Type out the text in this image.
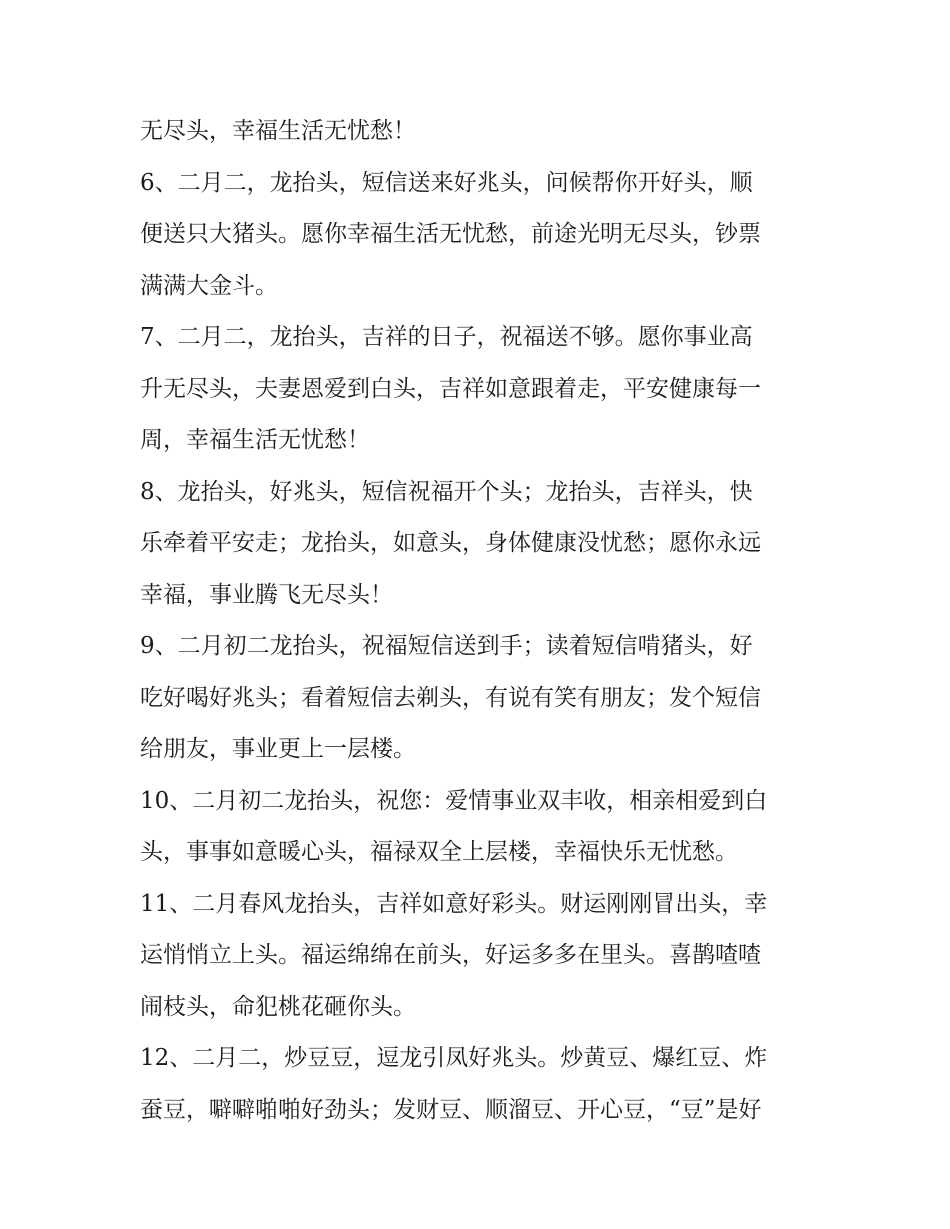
无尽头，幸福生活无忧愁！
6、二月二，龙抬头，短信送来好兆头，问候帮你开好头，顺
便送只大猪头。愿你幸福生活无忧愁，前途光明无尽头，钞票
满满大金斗。
7、二月二，龙抬头，吉祥的日子，祝福送不够。愿你事业高
升无尽头，夫妻恩爱到白头，吉祥如意跟着走，平安健康每一
周，幸福生活无忧愁！
8、龙抬头，好兆头，短信祝福开个头；龙抬头，吉祥头，快
乐牵着平安走；龙抬头，如意头，身体健康没忧愁；愿你永远
幸福，事业腾飞无尽头！
9、二月初二龙抬头，祝福短信送到手；读着短信啃猪头，好
吃好喝好兆头；看着短信去剃头，有说有笑有朋友；发个短信
给朋友，事业更上一层楼。
10、二月初二龙抬头，祝您：爱情事业双丰收，相亲相爱到白
头，事事如意暖心头，福禄双全上层楼，幸福快乐无忧愁。
11、二月春风龙抬头，吉祥如意好彩头。财运刚刚冒出头，幸
运悄悄立上头。福运绵绵在前头，好运多多在里头。喜鹊喳喳
闹枝头，命犯桃花砸你头。
12、二月二，炒豆豆，逗龙引凤好兆头。炒黄豆、爆红豆、炸
蚕豆，噼噼啪啪好劲头；发财豆、顺溜豆、开心豆，“豆”是好
